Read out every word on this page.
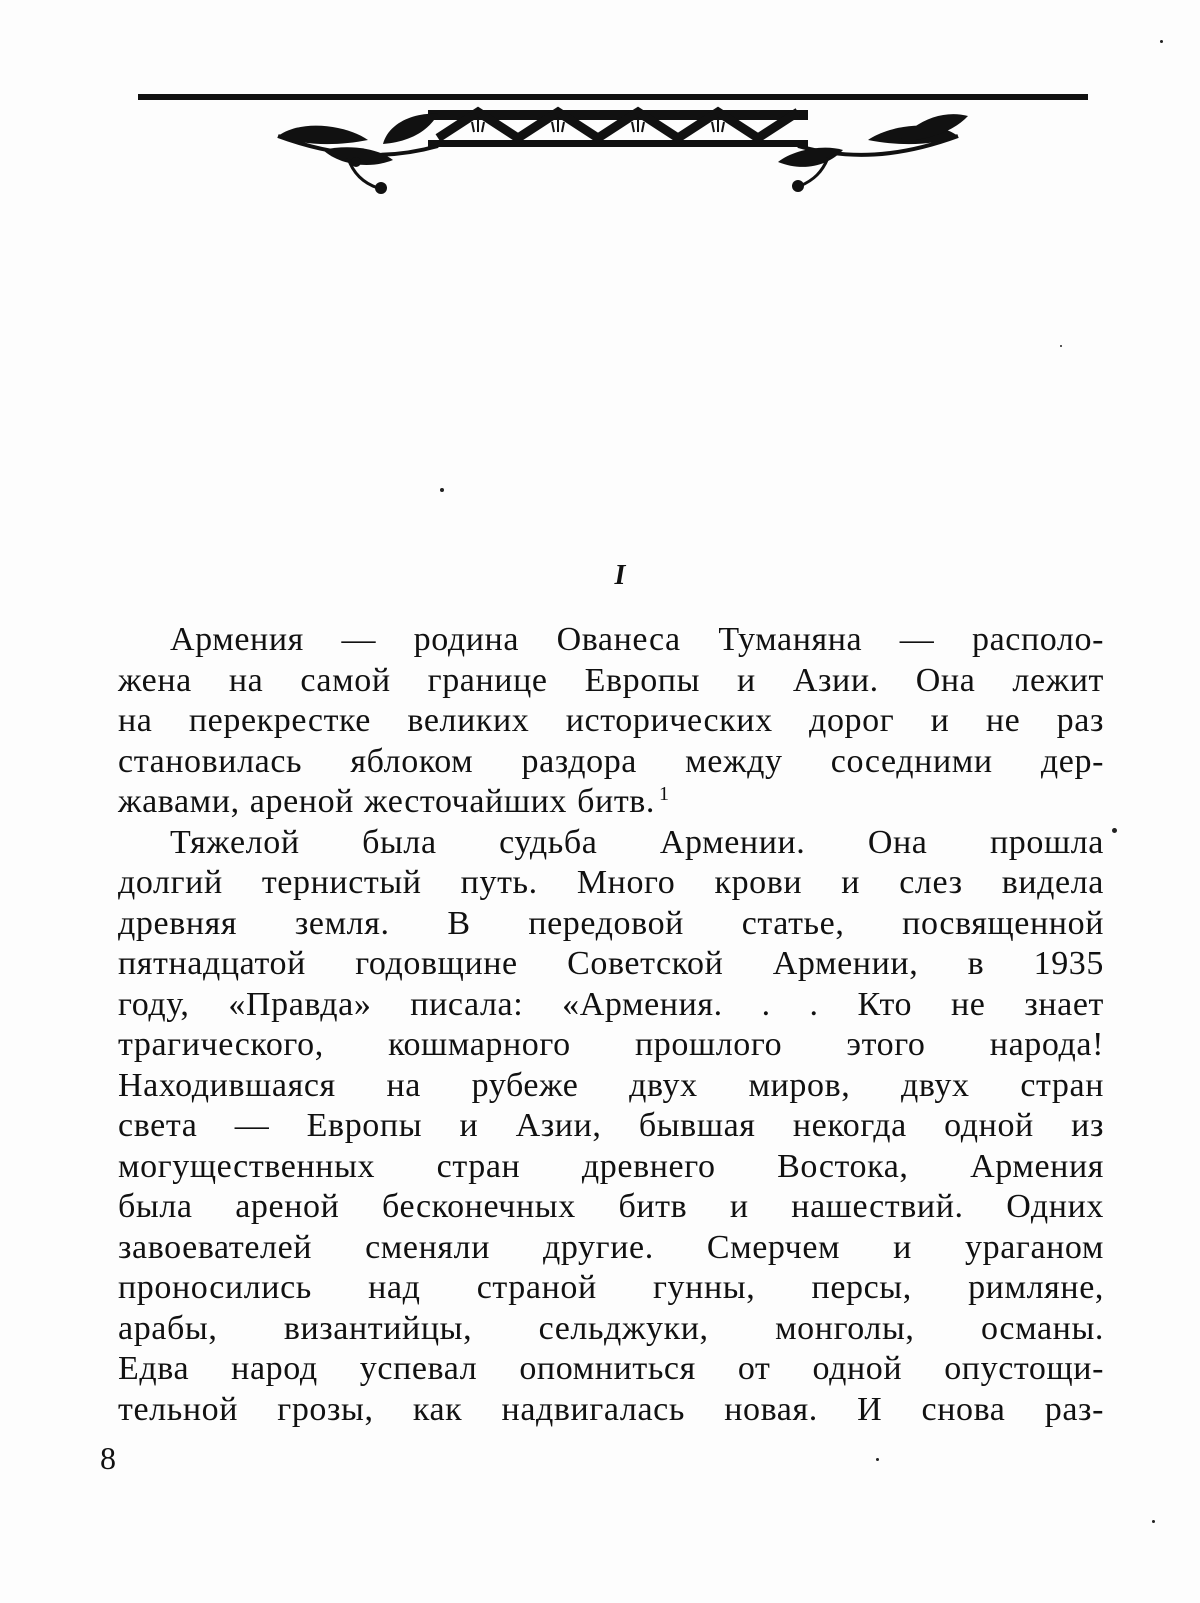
I
Армения — родина Ованеса Туманяна — располо-
жена на самой границе Европы и Азии. Она лежит
на перекрестке великих исторических дорог и не раз
становилась яблоком раздора между соседними дер-
жавами, ареной жесточайших битв. $^1$
Тяжелой была судьба Армении. Она прошла
долгий тернистый путь. Много крови и слез видела
древняя земля. В передовой статье, посвященной
пятнадцатой годовщине Советской Армении, в 1935
году, «Правда» писала: «Армения. . . Кто не знает
трагического, кошмарного прошлого этого народа!
Находившаяся на рубеже двух миров, двух стран
света — Европы и Азии, бывшая некогда одной из
могущественных стран древнего Востока, Армения
была ареной бесконечных битв и нашествий. Одних
завоевателей сменяли другие. Смерчем и ураганом
проносились над страной гунны, персы, римляне,
арабы, византийцы, сельджуки, монголы, османы.
Едва народ успевал опомниться от одной опустощи-
тельной грозы, как надвигалась новая. И снова раз-
8
